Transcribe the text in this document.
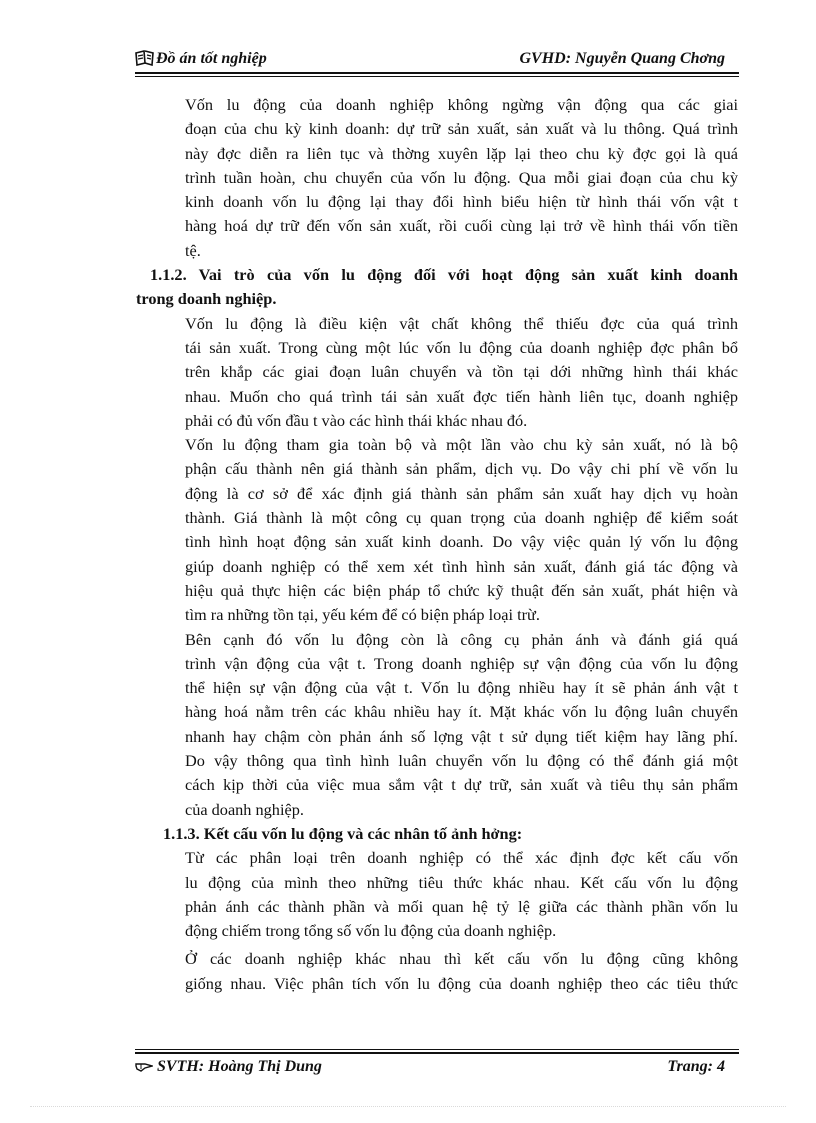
Đồ án tốt nghiệp	GVHD: Nguyễn Quang Chơng

Vốn lu động của doanh nghiệp không ngừng vận động qua các giai
đoạn của chu kỳ kinh doanh: dự trữ sản xuất, sản xuất và lu thông. Quá trình
này đợc diễn ra liên tục và thờng xuyên lặp lại theo chu kỳ đợc gọi là quá
trình tuần hoàn, chu chuyển của vốn lu động. Qua mỗi giai đoạn của chu kỳ
kinh doanh vốn lu động lại thay đổi hình biểu hiện từ hình thái vốn vật t
hàng hoá dự trữ đến vốn sản xuất, rồi cuối cùng lại trở về hình thái vốn tiền
tệ.

1.1.2. Vai trò của vốn lu động đối với hoạt động sản xuất kinh doanh
trong doanh nghiệp.

Vốn lu động là điều kiện vật chất không thể thiếu đợc của quá trình
tái sản xuất. Trong cùng một lúc vốn lu động của doanh nghiệp đợc phân bổ
trên khắp các giai đoạn luân chuyển và tồn tại dới những hình thái khác
nhau. Muốn cho quá trình tái sản xuất đợc tiến hành liên tục, doanh nghiệp
phải có đủ vốn đầu t vào các hình thái khác nhau đó.

Vốn lu động tham gia toàn bộ và một lần vào chu kỳ sản xuất, nó là bộ
phận cấu thành nên giá thành sản phẩm, dịch vụ. Do vậy chi phí về vốn lu
động là cơ sở để xác định giá thành sản phẩm sản xuất hay dịch vụ hoàn
thành. Giá thành là một công cụ quan trọng của doanh nghiệp để kiểm soát
tình hình hoạt động sản xuất kinh doanh. Do vậy việc quản lý vốn lu động
giúp doanh nghiệp có thể xem xét tình hình sản xuất, đánh giá tác động và
hiệu quả thực hiện các biện pháp tổ chức kỹ thuật đến sản xuất, phát hiện và
tìm ra những tồn tại, yếu kém để có biện pháp loại trừ.

Bên cạnh đó vốn lu động còn là công cụ phản ánh và đánh giá quá
trình vận động của vật t. Trong doanh nghiệp sự vận động của vốn lu động
thể hiện sự vận động của vật t. Vốn lu động nhiều hay ít sẽ phản ánh vật t
hàng hoá nằm trên các khâu nhiều hay ít. Mặt khác vốn lu động luân chuyển
nhanh hay chậm còn phản ánh số lợng vật t sử dụng tiết kiệm hay lãng phí.
Do vậy thông qua tình hình luân chuyển vốn lu động có thể đánh giá một
cách kịp thời của việc mua sắm vật t dự trữ, sản xuất và tiêu thụ sản phẩm
của doanh nghiệp.

1.1.3. Kết cấu vốn lu động và các nhân tố ảnh hởng:

Từ các phân loại trên doanh nghiệp có thể xác định đợc kết cấu vốn
lu động của mình theo những tiêu thức khác nhau. Kết cấu vốn lu động
phản ánh các thành phần và mối quan hệ tỷ lệ giữa các thành phần vốn lu
động chiếm trong tổng số vốn lu động của doanh nghiệp.

Ở các doanh nghiệp khác nhau thì kết cấu vốn lu động cũng không
giống nhau. Việc phân tích vốn lu động của doanh nghiệp theo các tiêu thức

SVTH: Hoàng Thị Dung	Trang: 4
